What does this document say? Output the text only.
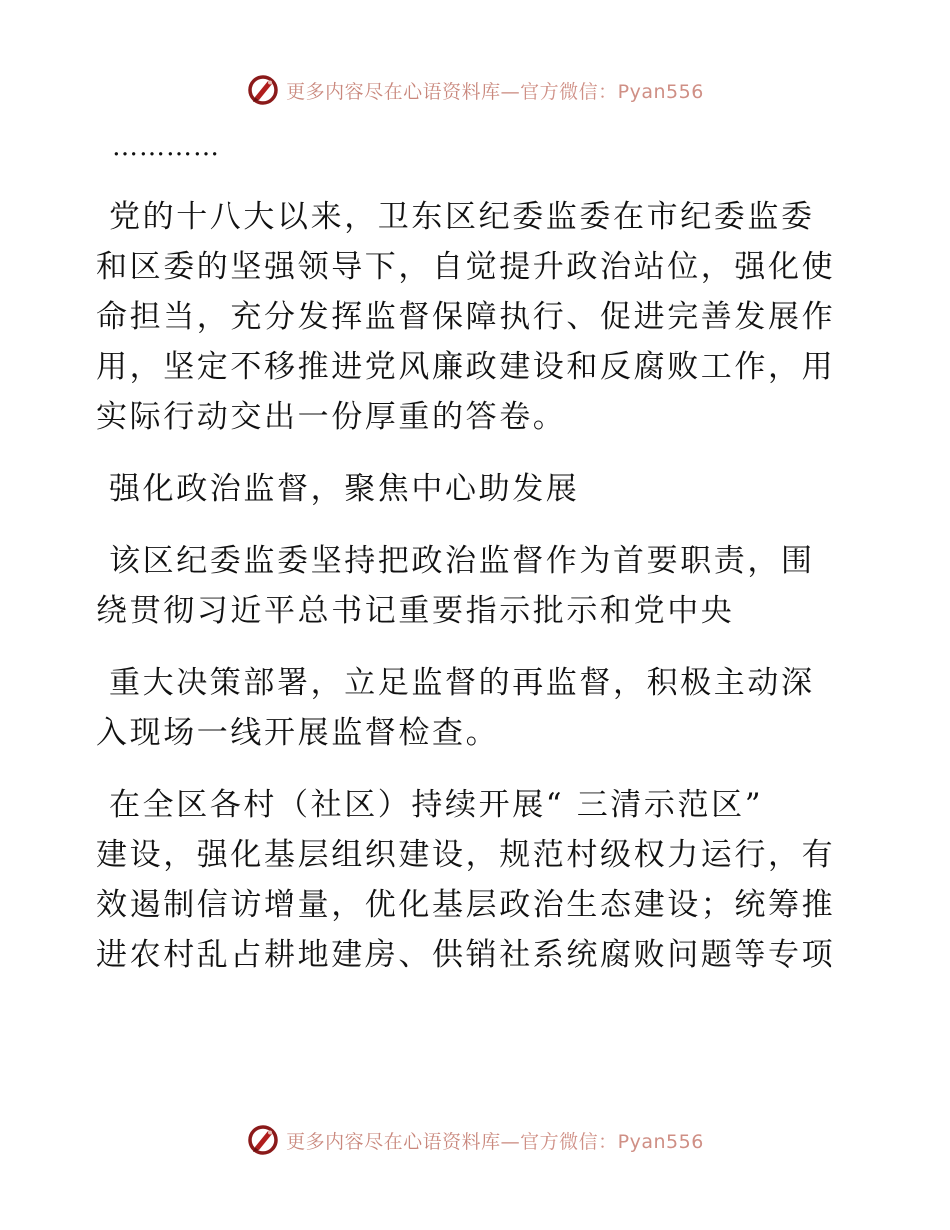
更多内容尽在心语资料库—官方微信：Pyan556
…………
党的十八大以来，卫东区纪委监委在市纪委监委
和区委的坚强领导下，自觉提升政治站位，强化使
命担当，充分发挥监督保障执行、促进完善发展作
用，坚定不移推进党风廉政建设和反腐败工作，用
实际行动交出一份厚重的答卷。
强化政治监督，聚焦中心助发展
该区纪委监委坚持把政治监督作为首要职责，围
绕贯彻习近平总书记重要指示批示和党中央
重大决策部署，立足监督的再监督，积极主动深
入现场一线开展监督检查。
在全区各村（社区）持续开展“ 三清示范区”
建设，强化基层组织建设，规范村级权力运行，有
效遏制信访增量，优化基层政治生态建设；统筹推
进农村乱占耕地建房、供销社系统腐败问题等专项
更多内容尽在心语资料库—官方微信：Pyan556
